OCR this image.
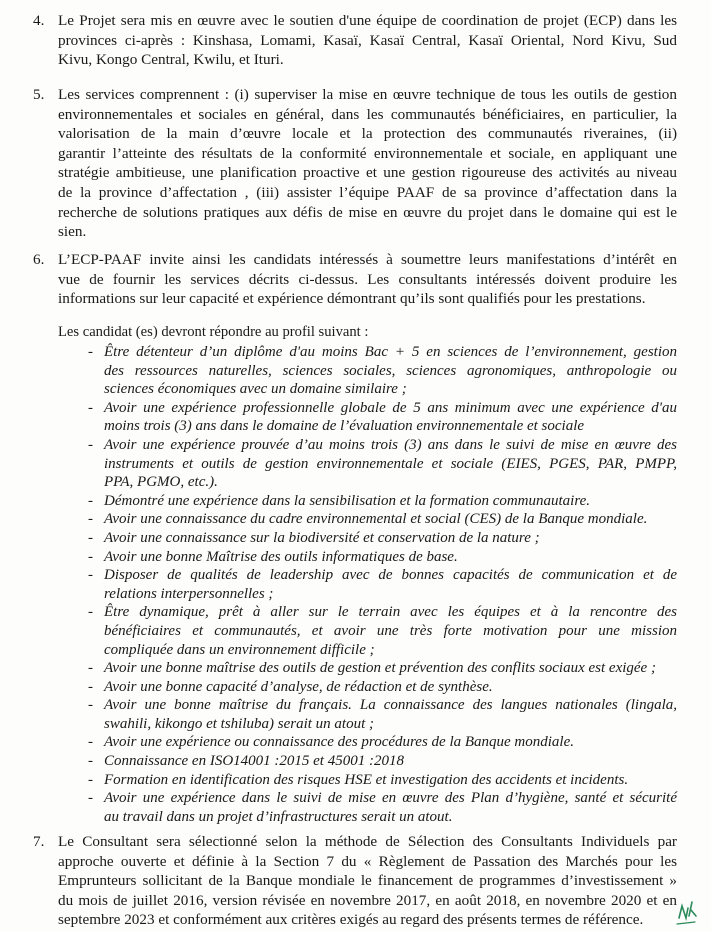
4. Le Projet sera mis en œuvre avec le soutien d'une équipe de coordination de projet (ECP) dans les
provinces ci-après : Kinshasa, Lomami, Kasaï, Kasaï Central, Kasaï Oriental, Nord Kivu, Sud
Kivu, Kongo Central, Kwilu, et Ituri.
5. Les services comprennent : (i) superviser la mise en œuvre technique de tous les outils de gestion
environnementales et sociales en général, dans les communautés bénéficiaires, en particulier, la
valorisation de la main d’œuvre locale et la protection des communautés riveraines, (ii)
garantir l’atteinte des résultats de la conformité environnementale et sociale, en appliquant une
stratégie ambitieuse, une planification proactive et une gestion rigoureuse des activités au niveau
de la province d’affectation , (iii) assister l’équipe PAAF de sa province d’affectation dans la
recherche de solutions pratiques aux défis de mise en œuvre du projet dans le domaine qui est le
sien.
6. L’ECP-PAAF invite ainsi les candidats intéressés à soumettre leurs manifestations d’intérêt en
vue de fournir les services décrits ci-dessus. Les consultants intéressés doivent produire les
informations sur leur capacité et expérience démontrant qu’ils sont qualifiés pour les prestations.
Les candidat (es) devront répondre au profil suivant :
- Être détenteur d’un diplôme d'au moins Bac + 5 en sciences de l’environnement, gestion
des ressources naturelles, sciences sociales, sciences agronomiques, anthropologie ou
sciences économiques avec un domaine similaire ;
- Avoir une expérience professionnelle globale de 5 ans minimum avec une expérience d'au
moins trois (3) ans dans le domaine de l’évaluation environnementale et sociale
- Avoir une expérience prouvée d’au moins trois (3) ans dans le suivi de mise en œuvre des
instruments et outils de gestion environnementale et sociale (EIES, PGES, PAR, PMPP,
PPA, PGMO, etc.).
- Démontré une expérience dans la sensibilisation et la formation communautaire.
- Avoir une connaissance du cadre environnemental et social (CES) de la Banque mondiale.
- Avoir une connaissance sur la biodiversité et conservation de la nature ;
- Avoir une bonne Maîtrise des outils informatiques de base.
- Disposer de qualités de leadership avec de bonnes capacités de communication et de
relations interpersonnelles ;
- Être dynamique, prêt à aller sur le terrain avec les équipes et à la rencontre des
bénéficiaires et communautés, et avoir une très forte motivation pour une mission
compliquée dans un environnement difficile ;
- Avoir une bonne maîtrise des outils de gestion et prévention des conflits sociaux est exigée ;
- Avoir une bonne capacité d’analyse, de rédaction et de synthèse.
- Avoir une bonne maîtrise du français. La connaissance des langues nationales (lingala,
swahili, kikongo et tshiluba) serait un atout ;
- Avoir une expérience ou connaissance des procédures de la Banque mondiale.
- Connaissance en ISO14001 :2015 et 45001 :2018
- Formation en identification des risques HSE et investigation des accidents et incidents.
- Avoir une expérience dans le suivi de mise en œuvre des Plan d’hygiène, santé et sécurité
au travail dans un projet d’infrastructures serait un atout.
7. Le Consultant sera sélectionné selon la méthode de Sélection des Consultants Individuels par
approche ouverte et définie à la Section 7 du « Règlement de Passation des Marchés pour les
Emprunteurs sollicitant de la Banque mondiale le financement de programmes d’investissement »
du mois de juillet 2016, version révisée en novembre 2017, en août 2018, en novembre 2020 et en
septembre 2023 et conformément aux critères exigés au regard des présents termes de référence.
